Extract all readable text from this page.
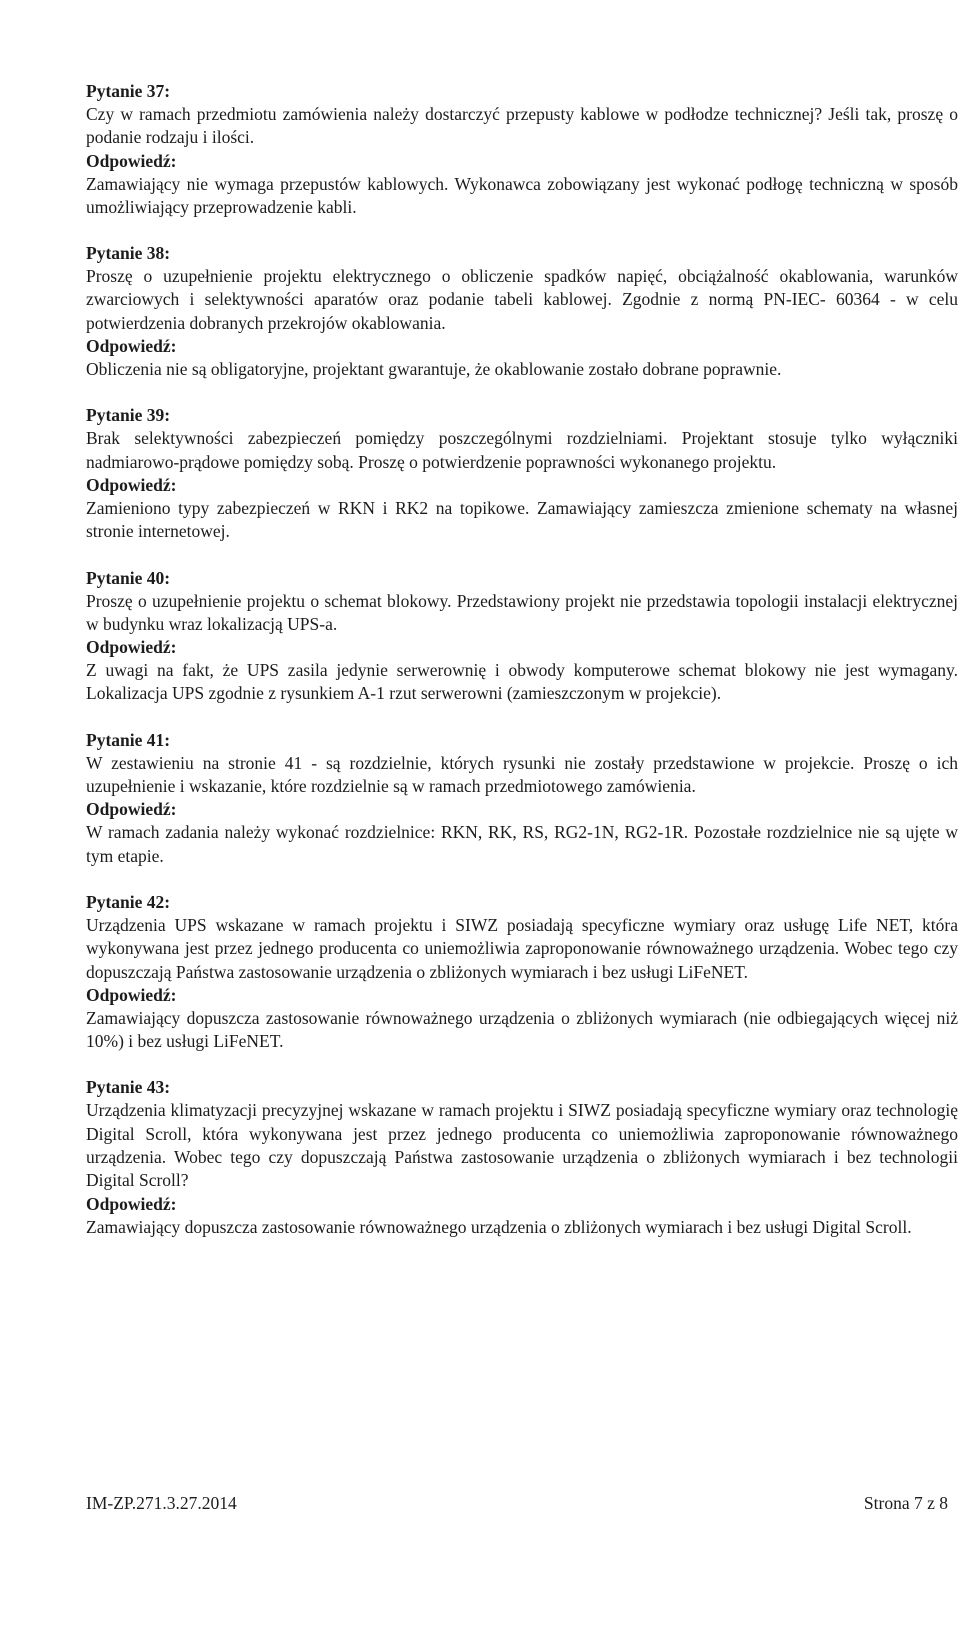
Pytanie 37:

Czy w ramach przedmiotu zamówienia należy dostarczyć przepusty kablowe w podłodze technicznej? Jeśli tak, proszę o podanie rodzaju i ilości.

Odpowiedź:

Zamawiający nie wymaga przepustów kablowych. Wykonawca zobowiązany jest wykonać podłogę techniczną w sposób umożliwiający przeprowadzenie kabli.

Pytanie 38:

Proszę o uzupełnienie projektu elektrycznego o obliczenie spadków napięć, obciążalność okablowania, warunków zwarciowych i selektywności aparatów oraz podanie tabeli kablowej. Zgodnie z normą PN-IEC- 60364 - w celu potwierdzenia dobranych przekrojów okablowania.

Odpowiedź:

Obliczenia nie są obligatoryjne, projektant gwarantuje, że okablowanie zostało dobrane poprawnie.

Pytanie 39:

Brak selektywności zabezpieczeń pomiędzy poszczególnymi rozdzielniami. Projektant stosuje tylko wyłączniki nadmiarowo-prądowe pomiędzy sobą. Proszę o potwierdzenie poprawności wykonanego projektu.

Odpowiedź:

Zamieniono typy zabezpieczeń w RKN i RK2 na topikowe. Zamawiający zamieszcza zmienione schematy na własnej stronie internetowej.

Pytanie 40:

Proszę o uzupełnienie projektu o schemat blokowy. Przedstawiony projekt nie przedstawia topologii instalacji elektrycznej w budynku wraz lokalizacją UPS-a.

Odpowiedź:

Z uwagi na fakt, że UPS zasila jedynie serwerownię i obwody komputerowe schemat blokowy nie jest wymagany. Lokalizacja UPS zgodnie z rysunkiem A-1 rzut serwerowni (zamieszczonym w projekcie).

Pytanie 41:

W zestawieniu na stronie 41 - są rozdzielnie, których rysunki nie zostały przedstawione w projekcie. Proszę o ich uzupełnienie i wskazanie, które rozdzielnie są w ramach przedmiotowego zamówienia.

Odpowiedź:

W ramach zadania należy wykonać rozdzielnice: RKN, RK, RS, RG2-1N, RG2-1R. Pozostałe rozdzielnice nie są ujęte w tym etapie.

Pytanie 42:

Urządzenia UPS wskazane w ramach projektu i SIWZ posiadają specyficzne wymiary oraz usługę Life NET, która wykonywana jest przez jednego producenta co uniemożliwia zaproponowanie równoważnego urządzenia. Wobec tego czy dopuszczają Państwa zastosowanie urządzenia o zbliżonych wymiarach i bez usługi LiFeNET.

Odpowiedź:

Zamawiający dopuszcza zastosowanie równoważnego urządzenia o zbliżonych wymiarach (nie odbiegających więcej niż 10%) i bez usługi LiFeNET.

Pytanie 43:

Urządzenia klimatyzacji precyzyjnej wskazane w ramach projektu i SIWZ posiadają specyficzne wymiary oraz technologię Digital Scroll, która wykonywana jest przez jednego producenta co uniemożliwia zaproponowanie równoważnego urządzenia. Wobec tego czy dopuszczają Państwa zastosowanie urządzenia o zbliżonych wymiarach i bez technologii Digital Scroll?

Odpowiedź:

Zamawiający dopuszcza zastosowanie równoważnego urządzenia o zbliżonych wymiarach i bez usługi Digital Scroll.

IM-ZP.271.3.27.2014	Strona 7 z 8
